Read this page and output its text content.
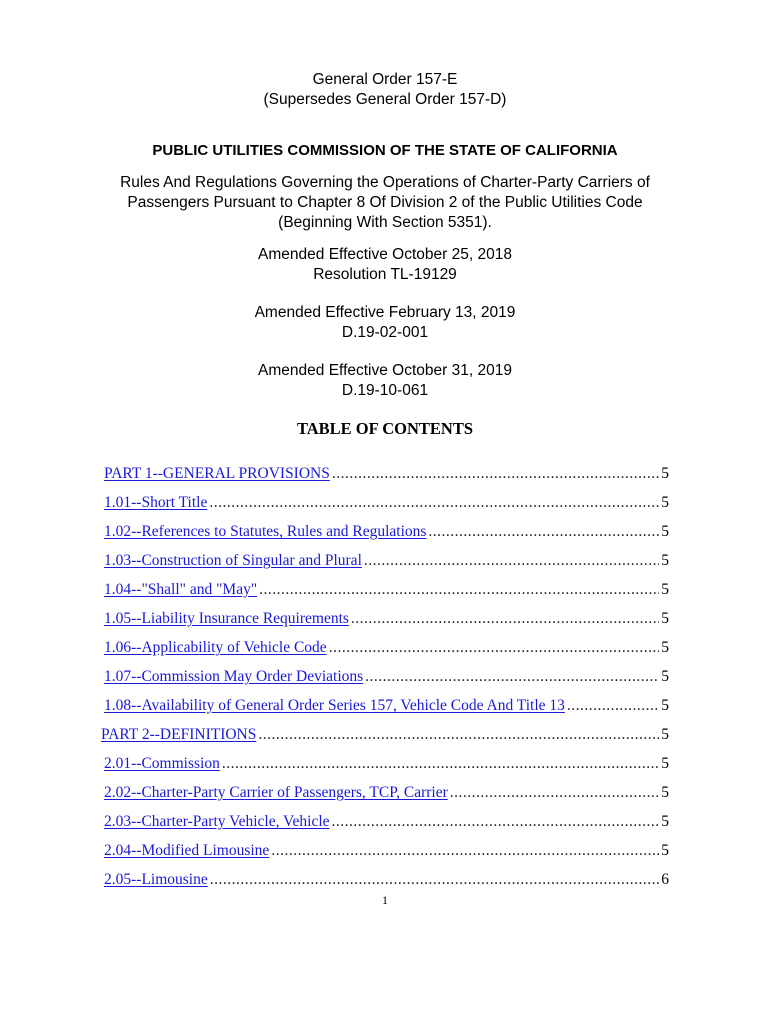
General Order 157-E
(Supersedes General Order 157-D)
PUBLIC UTILITIES COMMISSION OF THE STATE OF CALIFORNIA
Rules And Regulations Governing the Operations of Charter-Party Carriers of
Passengers Pursuant to Chapter 8 Of Division 2 of the Public Utilities Code
(Beginning With Section 5351).
Amended Effective October 25, 2018
Resolution TL-19129
Amended Effective February 13, 2019
D.19-02-001
Amended Effective October 31, 2019
D.19-10-061
TABLE OF CONTENTS
PART 1--GENERAL PROVISIONS .....	5
1.01--Short Title .....	5
1.02--References to Statutes, Rules and Regulations .....	5
1.03--Construction of Singular and Plural .....	5
1.04--"Shall" and "May" .....	5
1.05--Liability Insurance Requirements .....	5
1.06--Applicability of Vehicle Code .....	5
1.07--Commission May Order Deviations .....	5
1.08--Availability of General Order Series 157, Vehicle Code And Title 13 .....	5
PART 2--DEFINITIONS .....	5
2.01--Commission .....	5
2.02--Charter-Party Carrier of Passengers, TCP, Carrier .....	5
2.03--Charter-Party Vehicle, Vehicle .....	5
2.04--Modified Limousine .....	5
2.05--Limousine .....	6
1
